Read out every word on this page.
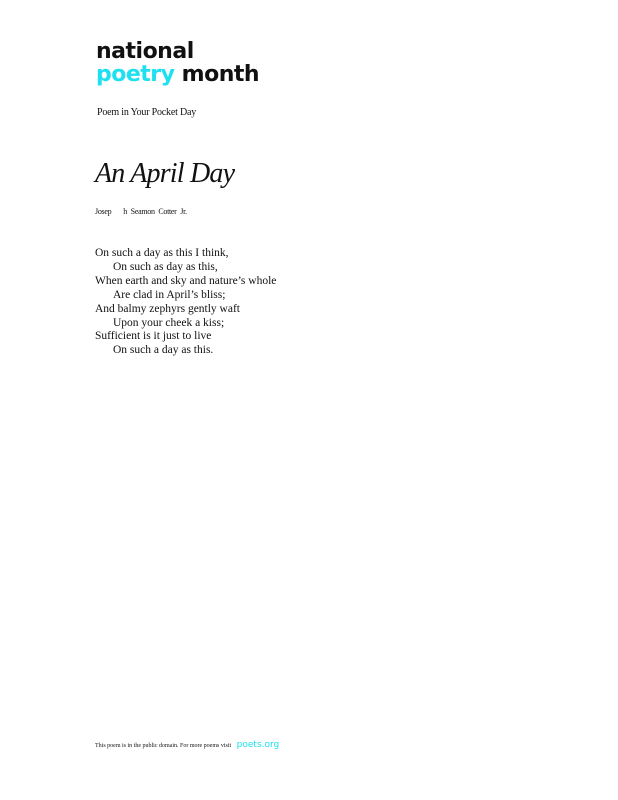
national
poetry month
Poem in Your Pocket Day
An April Day
Josep h Seamon Cotter Jr.
On such a day as this I think,
On such as day as this,
When earth and sky and nature’s whole
Are clad in April’s bliss;
And balmy zephyrs gently waft
Upon your cheek a kiss;
Sufficient is it just to live
On such a day as this.
This poem is in the public domain. For more poems visit poets.org
